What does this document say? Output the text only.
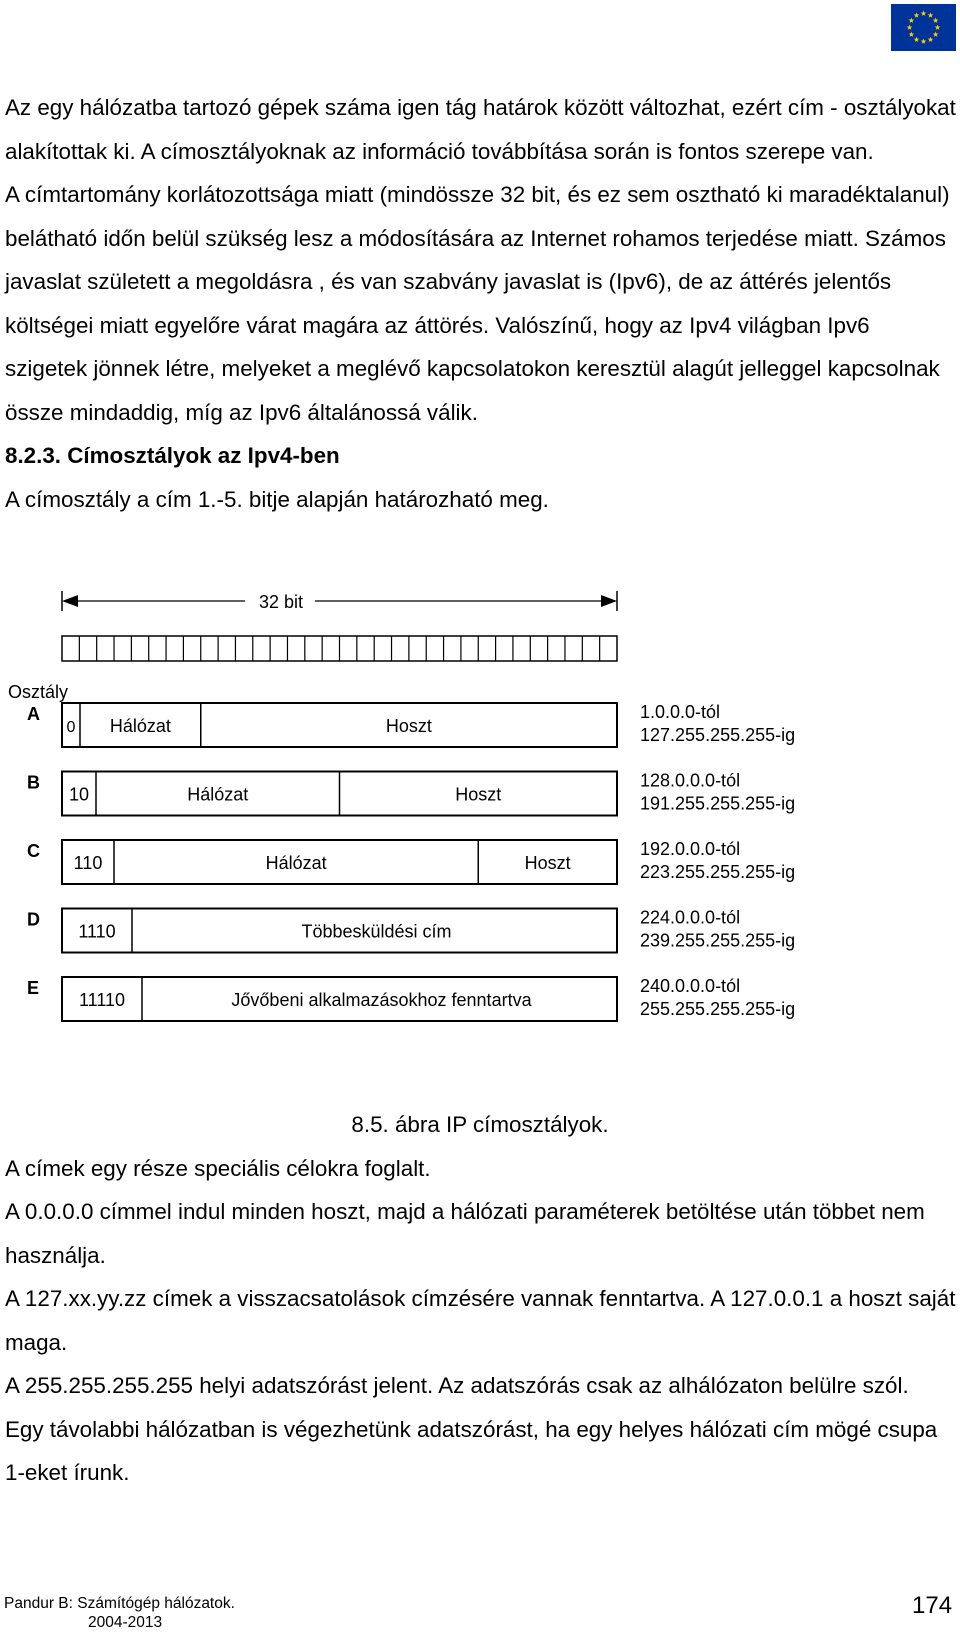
Az egy hálózatba tartozó gépek száma igen tág határok között változhat, ezért cím - osztályokat alakítottak ki. A címosztályoknak az információ továbbítása során is fontos szerepe van.

A címtartomány korlátozottsága miatt (mindössze 32 bit, és ez sem osztható ki maradéktalanul) belátható időn belül szükség lesz a módosítására az Internet rohamos terjedése miatt. Számos javaslat született a megoldásra , és van szabvány javaslat is (Ipv6), de az áttérés jelentős költségei miatt egyelőre várat magára az áttörés. Valószínű, hogy az Ipv4 világban Ipv6 szigetek jönnek létre, melyeket a meglévő kapcsolatokon keresztül alagút jelleggel kapcsolnak össze mindaddig, míg az Ipv6 általánossá válik.

8.2.3. Címosztályok az Ipv4-ben

A címosztály a cím 1.-5. bitje alapján határozható meg.

32 bit
Osztály
A
0 Hálózat	Hoszt
1.0.0.0-tól
127.255.255.255-ig
B
10	Hálózat	Hoszt
128.0.0.0-tól
191.255.255.255-ig
C
110	Hálózat	Hoszt
192.0.0.0-tól
223.255.255.255-ig
D
1110	Többesküldési cím
224.0.0.0-tól
239.255.255.255-ig
E
11110	Jővőbeni alkalmazásokhoz fenntartva
240.0.0.0-tól
255.255.255.255-ig
8.5. ábra IP címosztályok.

A címek egy része speciális célokra foglalt.

A 0.0.0.0 címmel indul minden hoszt, majd a hálózati paraméterek betöltése után többet nem használja.

A 127.xx.yy.zz címek a visszacsatolások címzésére vannak fenntartva. A 127.0.0.1 a hoszt saját maga.

A 255.255.255.255 helyi adatszórást jelent. Az adatszórás csak az alhálózaton belülre szól.

Egy távolabbi hálózatban is végezhetünk adatszórást, ha egy helyes hálózati cím mögé csupa 1-eket írunk.

Pandur B: Számítógép hálózatok.
2004-2013
174
